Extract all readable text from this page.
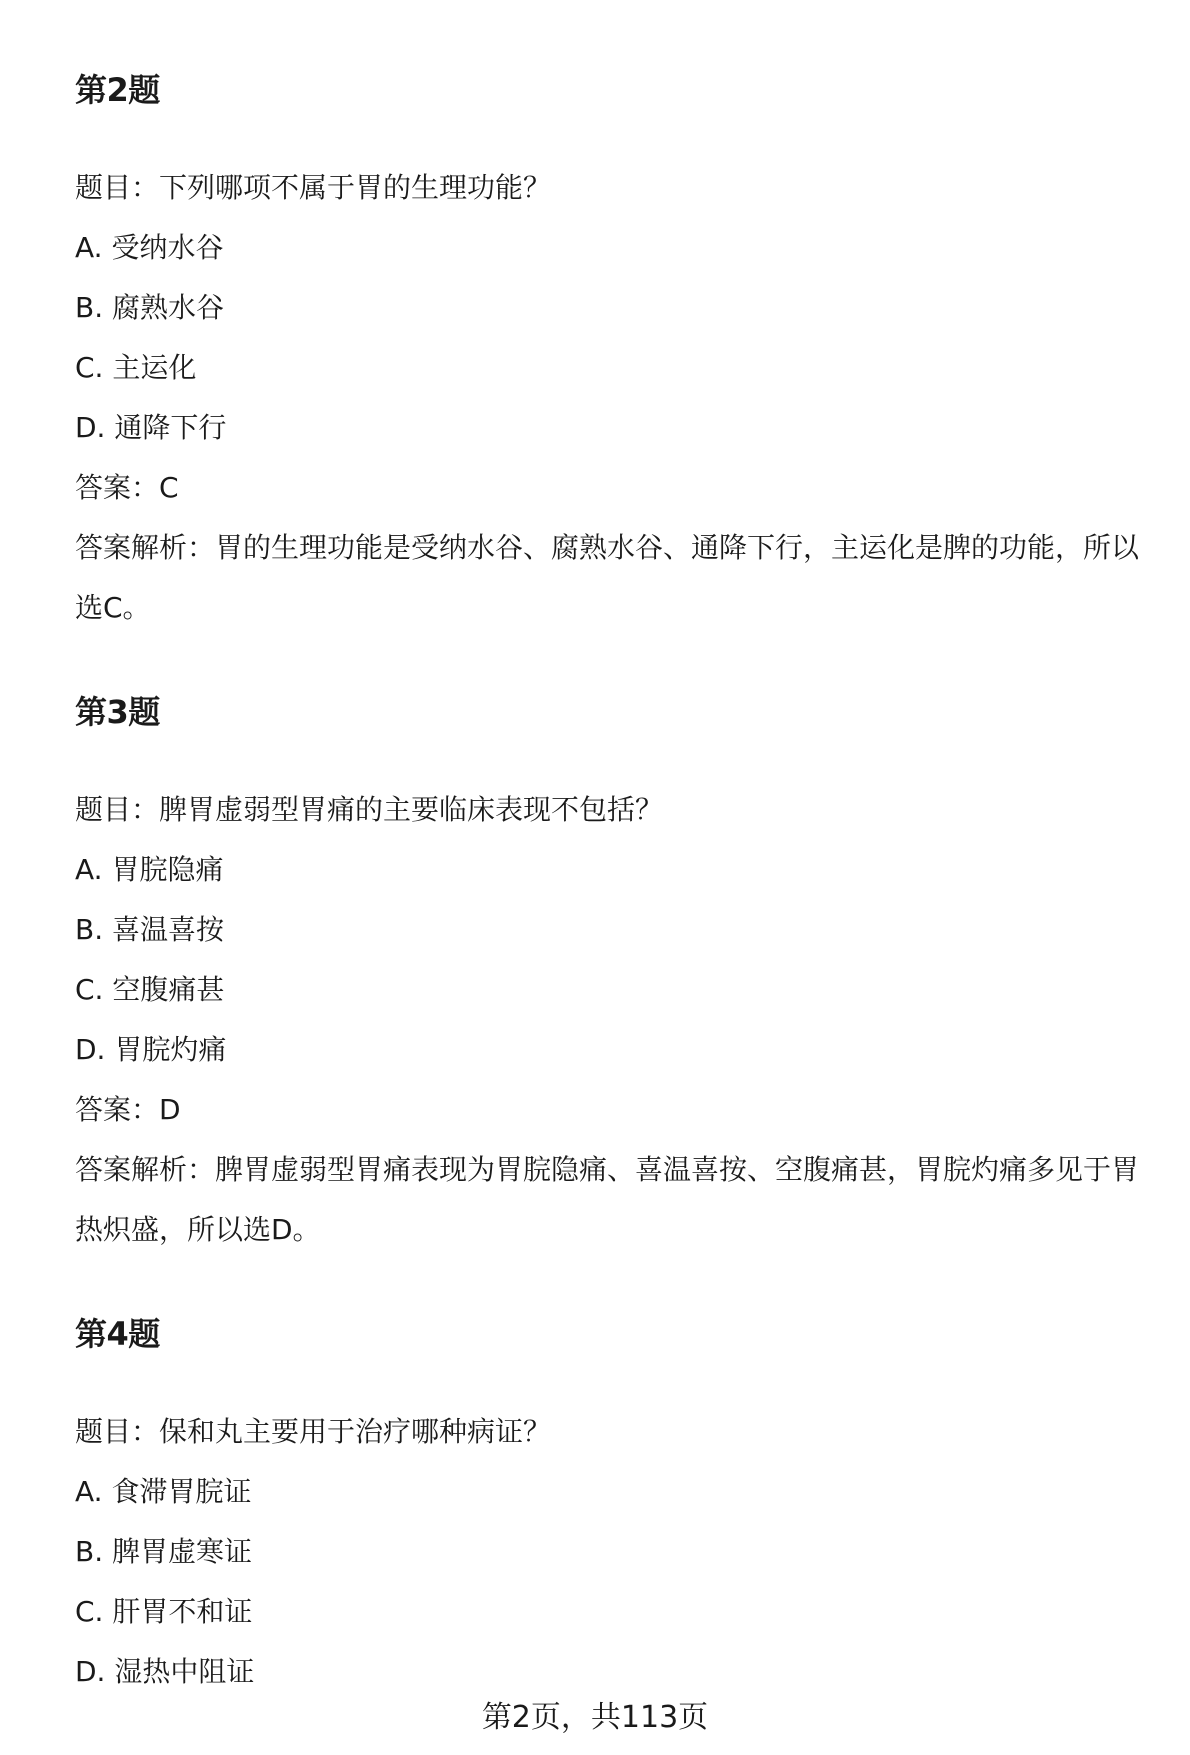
第2题
题目：下列哪项不属于胃的生理功能？
A. 受纳水谷
B. 腐熟水谷
C. 主运化
D. 通降下行
答案：C
答案解析：胃的生理功能是受纳水谷、腐熟水谷、通降下行，主运化是脾的功能，所以选C。
第3题
题目：脾胃虚弱型胃痛的主要临床表现不包括？
A. 胃脘隐痛
B. 喜温喜按
C. 空腹痛甚
D. 胃脘灼痛
答案：D
答案解析：脾胃虚弱型胃痛表现为胃脘隐痛、喜温喜按、空腹痛甚，胃脘灼痛多见于胃热炽盛，所以选D。
第4题
题目：保和丸主要用于治疗哪种病证？
A. 食滞胃脘证
B. 脾胃虚寒证
C. 肝胃不和证
D. 湿热中阻证
第2页，共113页
